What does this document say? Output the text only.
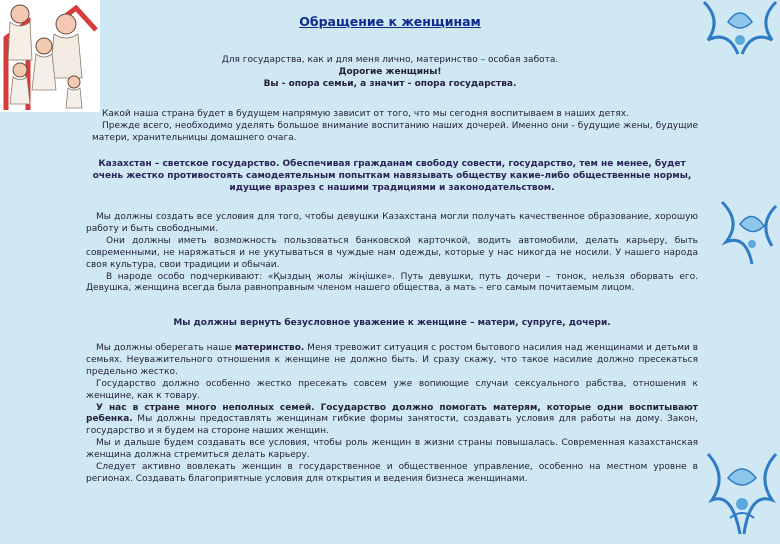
Обращение к женщинам
Для государства, как и для меня лично, материнство – особая забота.
Дорогие женщины!
Вы - опора семьи, а значит - опора государства.

Какой наша страна будет в будущем напрямую зависит от того, что мы сегодня воспитываем в наших детях.

Прежде всего, необходимо уделять большое внимание воспитанию наших дочерей. Именно они - будущие жены, будущие матери, хранительницы домашнего очага.

Казахстан – светское государство. Обеспечивая гражданам свободу совести, государство, тем не менее, будет очень жестко противостоять самодеятельным попыткам навязывать обществу какие-либо общественные нормы, идущие вразрез с нашими традициями и законодательством.

Мы должны создать все условия для того, чтобы девушки Казахстана могли получать качественное образование, хорошую работу и быть свободными.

Они должны иметь возможность пользоваться банковской карточкой, водить автомобили, делать карьеру, быть современными, не наряжаться и не укутываться в чуждые нам одежды, которые у нас никогда не носили. У нашего народа своя культура, свои традиции и обычаи.

В народе особо подчеркивают: «Қыздың жолы жіңішке». Путь девушки, путь дочери – тонок, нельзя оборвать его. Девушка, женщина всегда была равноправным членом нашего общества, а мать – его самым почитаемым лицом.

Мы должны вернуть безусловное уважение к женщине – матери, супруге, дочери.

Мы должны оберегать наше материнство. Меня тревожит ситуация с ростом бытового насилия над женщинами и детьми в семьях. Неуважительного отношения к женщине не должно быть. И сразу скажу, что такое насилие должно пресекаться предельно жестко.

Государство должно особенно жестко пресекать совсем уже вопиющие случаи сексуального рабства, отношения к женщине, как к товару.

У нас в стране много неполных семей. Государство должно помогать матерям, которые одни воспитывают ребенка. Мы должны предоставлять женщинам гибкие формы занятости, создавать условия для работы на дому. Закон, государство и я будем на стороне наших женщин.

Мы и дальше будем создавать все условия, чтобы роль женщин в жизни страны повышалась. Современная казахстанская женщина должна стремиться делать карьеру.

Следует активно вовлекать женщин в государственное и общественное управление, особенно на местном уровне в регионах. Создавать благоприятные условия для открытия и ведения бизнеса женщинами.
